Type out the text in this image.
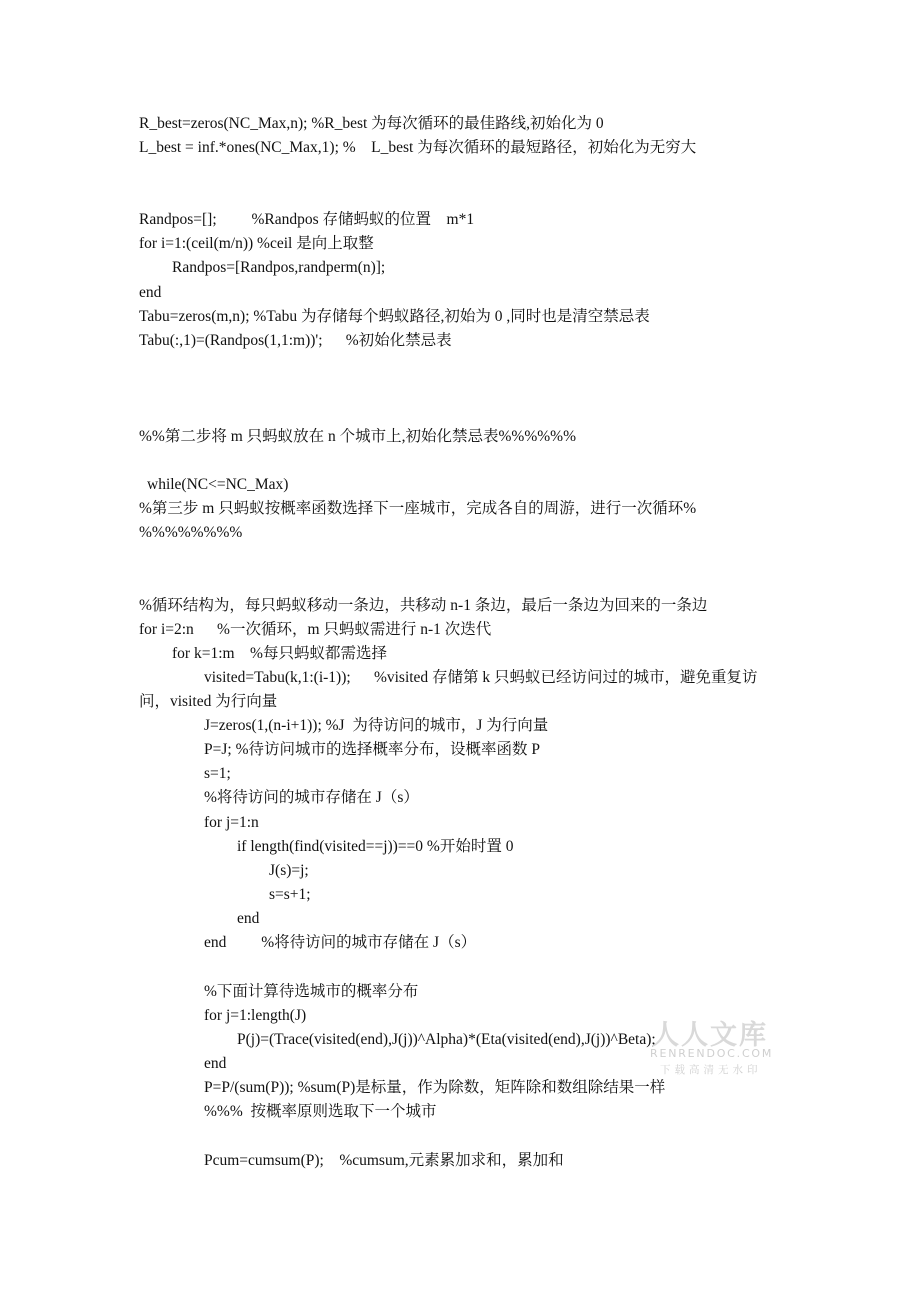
R_best=zeros(NC_Max,n); %R_best 为每次循环的最佳路线,初始化为 0
L_best = inf.*ones(NC_Max,1); %    L_best 为每次循环的最短路径，初始化为无穷大
Randpos=[];         %Randpos 存储蚂蚁的位置    m*1
for i=1:(ceil(m/n)) %ceil 是向上取整
Randpos=[Randpos,randperm(n)];
end
Tabu=zeros(m,n); %Tabu 为存储每个蚂蚁路径,初始为 0 ,同时也是清空禁忌表
Tabu(:,1)=(Randpos(1,1:m))';      %初始化禁忌表
%%第二步将 m 只蚂蚁放在 n 个城市上,初始化禁忌表%%%%%%
while(NC<=NC_Max)
%第三步 m 只蚂蚁按概率函数选择下一座城市，完成各自的周游，进行一次循环%
%%%%%%%%
%循环结构为，每只蚂蚁移动一条边，共移动 n-1 条边，最后一条边为回来的一条边
for i=2:n      %一次循环，m 只蚂蚁需进行 n-1 次迭代
for k=1:m    %每只蚂蚁都需选择
visited=Tabu(k,1:(i-1));      %visited 存储第 k 只蚂蚁已经访问过的城市，避免重复访
问，visited 为行向量
J=zeros(1,(n-i+1)); %J  为待访问的城市，J 为行向量
P=J; %待访问城市的选择概率分布，设概率函数 P
s=1;
%将待访问的城市存储在 J（s）
for j=1:n
if length(find(visited==j))==0 %开始时置 0
J(s)=j;
s=s+1;
end
end         %将待访问的城市存储在 J（s）
%下面计算待选城市的概率分布
for j=1:length(J)
P(j)=(Trace(visited(end),J(j))^Alpha)*(Eta(visited(end),J(j))^Beta);
end
P=P/(sum(P)); %sum(P)是标量，作为除数，矩阵除和数组除结果一样
%%%  按概率原则选取下一个城市
Pcum=cumsum(P);    %cumsum,元素累加求和，累加和
人人文库
RENRENDOC.COM
下载高清无水印
